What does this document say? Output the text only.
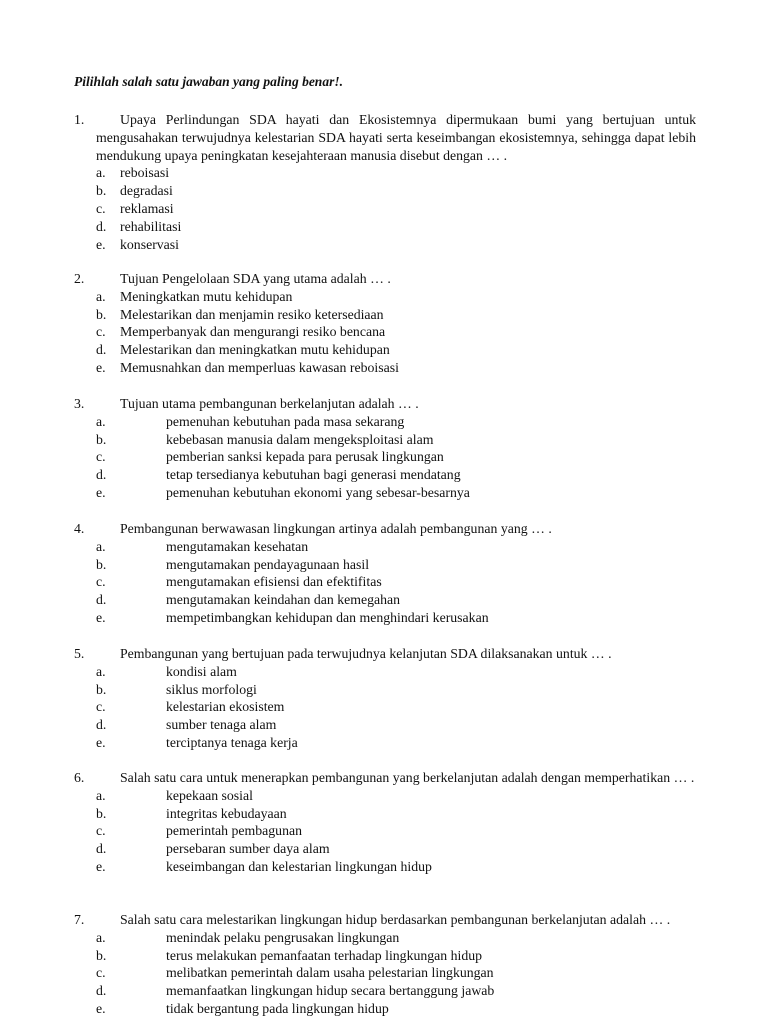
Pilihlah salah satu jawaban yang paling benar!.
1.	Upaya Perlindungan SDA hayati dan Ekosistemnya dipermukaan bumi yang bertujuan untuk mengusahakan terwujudnya kelestarian SDA hayati serta keseimbangan ekosistemnya, sehingga dapat lebih mendukung upaya peningkatan kesejahteraan manusia disebut dengan … .
a. reboisasi
b. degradasi
c. reklamasi
d. rehabilitasi
e. konservasi
2.	Tujuan Pengelolaan SDA yang utama adalah … .
a. Meningkatkan mutu kehidupan
b. Melestarikan dan menjamin resiko ketersediaan
c. Memperbanyak dan mengurangi resiko bencana
d. Melestarikan dan meningkatkan mutu kehidupan
e. Memusnahkan dan memperluas kawasan reboisasi
3.	Tujuan utama pembangunan berkelanjutan adalah … .
a.	pemenuhan kebutuhan pada masa sekarang
b.	kebebasan manusia dalam mengeksploitasi alam
c.	pemberian sanksi kepada para perusak lingkungan
d.	tetap tersedianya kebutuhan bagi generasi mendatang
e.	pemenuhan kebutuhan ekonomi yang sebesar-besarnya
4.	Pembangunan berwawasan lingkungan artinya adalah pembangunan yang … .
a.	mengutamakan kesehatan
b.	mengutamakan pendayagunaan hasil
c.	mengutamakan efisiensi dan efektifitas
d.	mengutamakan keindahan dan kemegahan
e.	mempetimbangkan kehidupan dan menghindari kerusakan
5.	Pembangunan yang bertujuan pada terwujudnya kelanjutan SDA dilaksanakan untuk … .
a.	kondisi alam
b.	siklus morfologi
c.	kelestarian ekosistem
d.	sumber tenaga alam
e.	terciptanya tenaga kerja
6.	Salah satu cara untuk menerapkan pembangunan yang berkelanjutan adalah dengan memperhatikan … .
a.	kepekaan sosial
b.	integritas kebudayaan
c.	pemerintah pembagunan
d.	persebaran sumber daya alam
e.	keseimbangan dan kelestarian lingkungan hidup
7.	Salah satu cara melestarikan lingkungan hidup berdasarkan pembangunan berkelanjutan adalah … .
a.	menindak pelaku pengrusakan lingkungan
b.	terus melakukan pemanfaatan terhadap lingkungan hidup
c.	melibatkan pemerintah dalam usaha pelestarian lingkungan
d.	memanfaatkan lingkungan hidup secara bertanggung jawab
e.	tidak bergantung pada lingkungan hidup
